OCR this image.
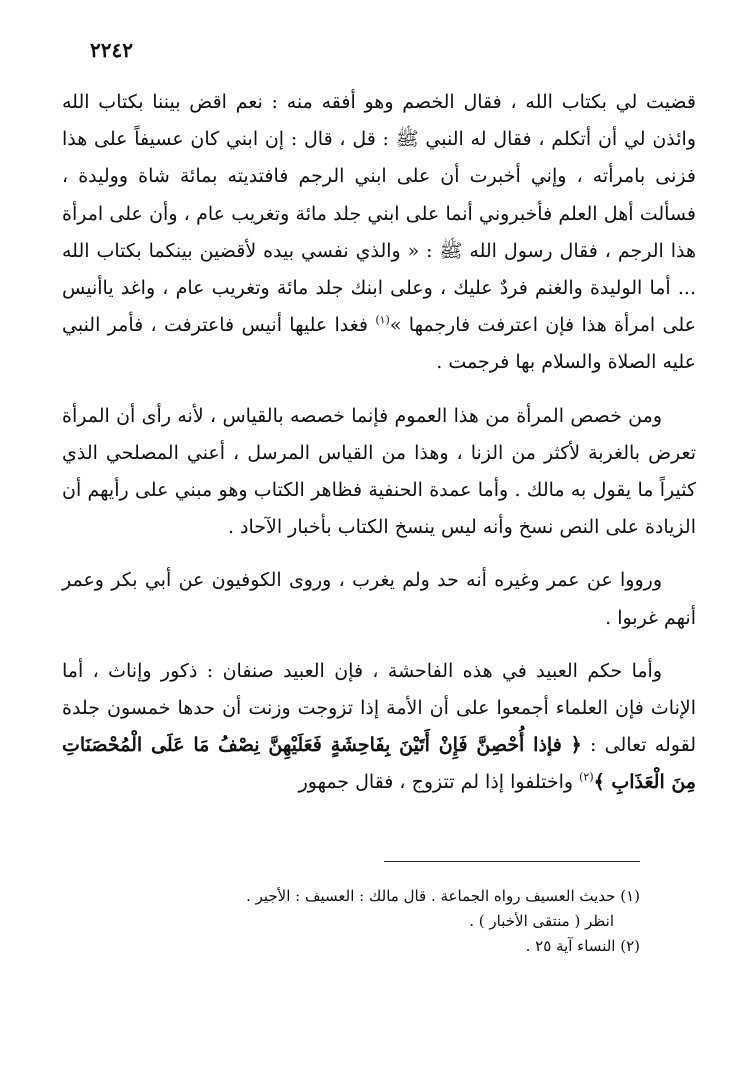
٢٢٤٢

قضيت لي بكتاب الله ، فقال الخصم وهو أفقه منه : نعم اقض بيننا بكتاب الله وائذن لي أن أتكلم ، فقال له النبي ﷺ : قل ، قال : إن ابني كان عسيفاً على هذا فزنى بامرأته ، وإني أخبرت أن على ابني الرجم فافتديته بمائة شاة ووليدة ، فسألت أهل العلم فأخبروني أنما على ابني جلد مائة وتغريب عام ، وأن على امرأة هذا الرجم ، فقال رسول الله ﷺ : « والذي نفسي بيده لأقضين بينكما بكتاب الله ... أما الوليدة والغنم فردٌ عليك ، وعلى ابنك جلد مائة وتغريب عام ، واغد ياأنيس على امرأة هذا فإن اعترفت فارجمها »$^{(١)}$ فغدا عليها أنيس فاعترفت ، فأمر النبي عليه الصلاة والسلام بها فرجمت .

ومن خصص المرأة من هذا العموم فإنما خصصه بالقياس ، لأنه رأى أن المرأة تعرض بالغربة لأكثر من الزنا ، وهذا من القياس المرسل ، أعني المصلحي الذي كثيراً ما يقول به مالك . وأما عمدة الحنفية فظاهر الكتاب وهو مبني على رأيهم أن الزيادة على النص نسخ وأنه ليس ينسخ الكتاب بأخبار الآحاد .

ورووا عن عمر وغيره أنه حد ولم يغرب ، وروى الكوفيون عن أبي بكر وعمر أنهم غربوا .

وأما حكم العبيد في هذه الفاحشة ، فإن العبيد صنفان : ذكور وإناث ، أما الإناث فإن العلماء أجمعوا على أن الأمة إذا تزوجت وزنت أن حدها خمسون جلدة لقوله تعالى : ﴿ فإذا أُحْصِنَّ فَإِنْ أَتَيْنَ بِفَاحِشَةٍ فَعَلَيْهِنَّ نِصْفُ مَا عَلَى الْمُحْصَنَاتِ مِنَ الْعَذَابِ ﴾$^{(٢)}$ واختلفوا إذا لم تتزوج ، فقال جمهور

(١) حديث العسيف رواه الجماعة . قال مالك : العسيف : الأجير .

انظر ( منتقى الأخبار ) .

(٢) النساء آية ٢٥ .
